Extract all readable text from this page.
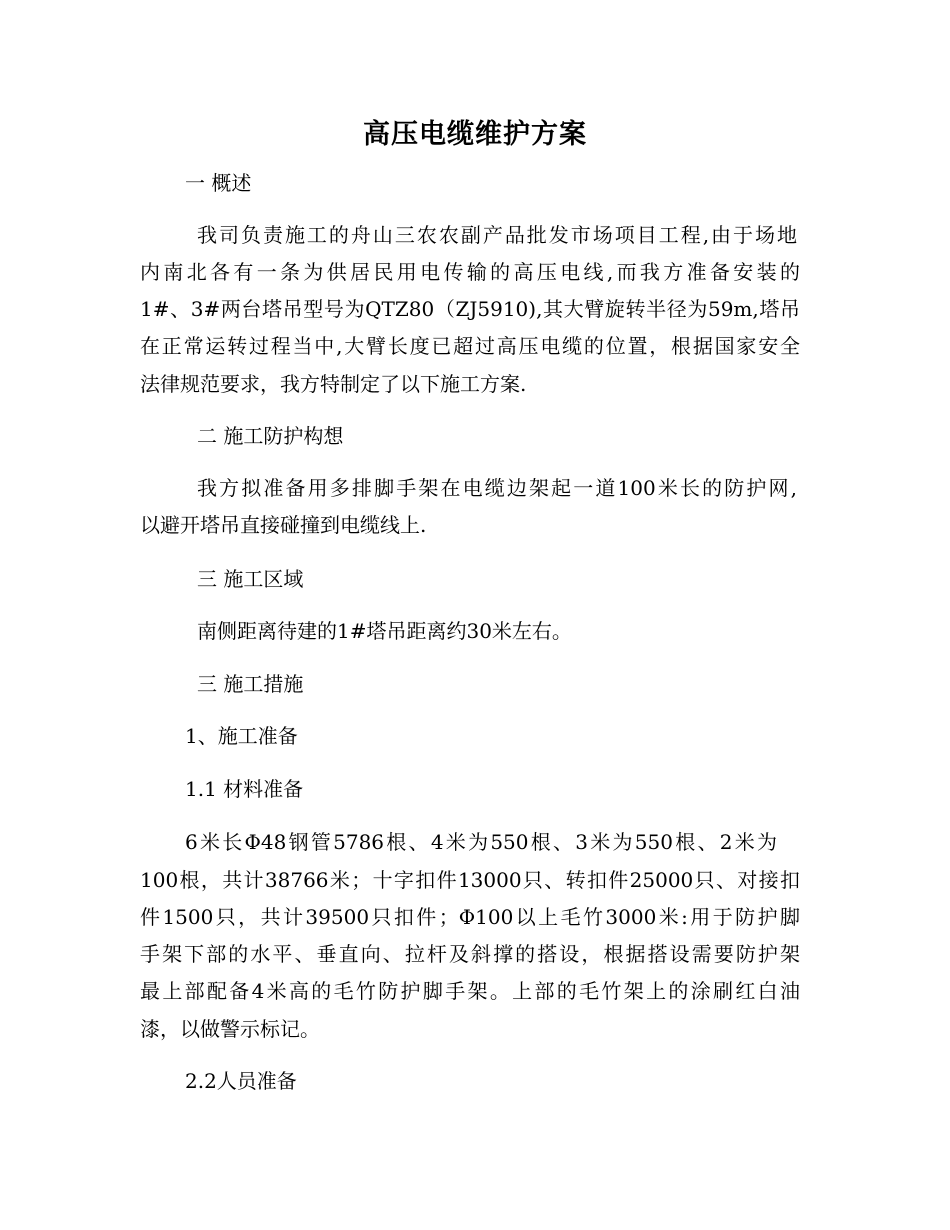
高压电缆维护方案

一 概述

我司负责施工的舟山三农农副产品批发市场项目工程,由于场地

内南北各有一条为供居民用电传输的高压电线,而我方准备安装的

1#、3#两台塔吊型号为QTZ80（ZJ5910),其大臂旋转半径为59m,塔吊

在正常运转过程当中,大臂长度已超过高压电缆的位置，根据国家安全

法律规范要求，我方特制定了以下施工方案.

二 施工防护构想

我方拟准备用多排脚手架在电缆边架起一道100米长的防护网,

以避开塔吊直接碰撞到电缆线上.

三 施工区域

南侧距离待建的1#塔吊距离约30米左右。

三 施工措施

1、施工准备

1.1 材料准备

6米长Φ48钢管5786根、4米为550根、3米为550根、2米为

100根，共计38766米；十字扣件13000只、转扣件25000只、对接扣

件1500只，共计39500只扣件；Φ100以上毛竹3000米:用于防护脚

手架下部的水平、垂直向、拉杆及斜撑的搭设，根据搭设需要防护架

最上部配备4米高的毛竹防护脚手架。上部的毛竹架上的涂刷红白油

漆，以做警示标记。

2.2人员准备
